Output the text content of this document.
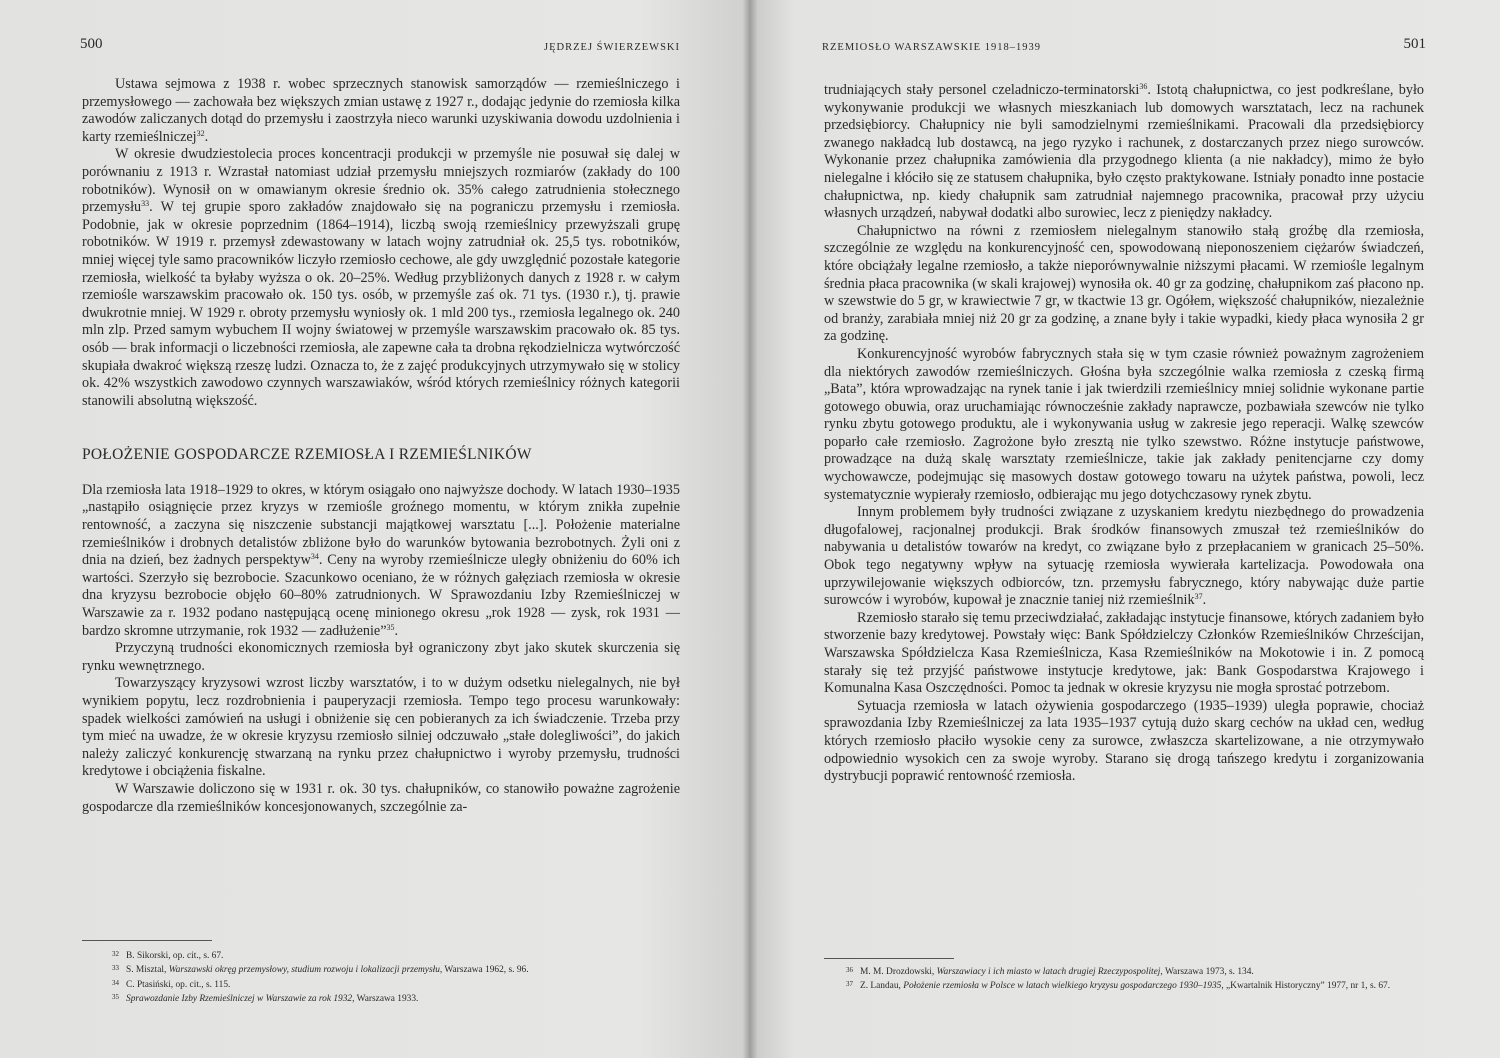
500	JĘDRZEJ ŚWIERZEWSKI

Ustawa sejmowa z 1938 r. wobec sprzecznych stanowisk samorządów — rzemieślniczego i przemysłowego — zachowała bez większych zmian ustawę z 1927 r., dodając jedynie do rzemiosła kilka zawodów zaliczanych dotąd do przemysłu i zaostrzyła nieco warunki uzyskiwania dowodu uzdolnienia i karty rzemieślniczej$^{32}$.

W okresie dwudziestolecia proces koncentracji produkcji w przemyśle nie posuwał się dalej w porównaniu z 1913 r. Wzrastał natomiast udział przemysłu mniejszych rozmiarów (zakłady do 100 robotników). Wynosił on w omawianym okresie średnio ok. 35% całego zatrudnienia stołecznego przemysłu$^{33}$. W tej grupie sporo zakładów znajdowało się na pograniczu przemysłu i rzemiosła. Podobnie, jak w okresie poprzednim (1864–1914), liczbą swoją rzemieślnicy przewyższali grupę robotników. W 1919 r. przemysł zdewastowany w latach wojny zatrudniał ok. 25,5 tys. robotników, mniej więcej tyle samo pracowników liczyło rzemiosło cechowe, ale gdy uwzględnić pozostałe kategorie rzemiosła, wielkość ta byłaby wyższa o ok. 20–25%. Według przybliżonych danych z 1928 r. w całym rzemiośle warszawskim pracowało ok. 150 tys. osób, w przemyśle zaś ok. 71 tys. (1930 r.), tj. prawie dwukrotnie mniej. W 1929 r. obroty przemysłu wyniosły ok. 1 mld 200 tys., rzemiosła legalnego ok. 240 mln zlp. Przed samym wybuchem II wojny światowej w przemyśle warszawskim pracowało ok. 85 tys. osób — brak informacji o liczebności rzemiosła, ale zapewne cała ta drobna rękodzielnicza wytwórczość skupiała dwakroć większą rzeszę ludzi. Oznacza to, że z zajęć produkcyjnych utrzymywało się w stolicy ok. 42% wszystkich zawodowo czynnych warszawiaków, wśród których rzemieślnicy różnych kategorii stanowili absolutną większość.

POŁOŻENIE GOSPODARCZE RZEMIOSŁA I RZEMIEŚLNIKÓW

Dla rzemiosła lata 1918–1929 to okres, w którym osiągało ono najwyższe dochody. W latach 1930–1935 „nastąpiło osiągnięcie przez kryzys w rzemiośle groźnego momentu, w którym znikła zupełnie rentowność, a zaczyna się niszczenie substancji majątkowej warsztatu [...]. Położenie materialne rzemieślników i drobnych detalistów zbliżone było do warunków bytowania bezrobotnych. Żyli oni z dnia na dzień, bez żadnych perspektyw$^{34}$. Ceny na wyroby rzemieślnicze uległy obniżeniu do 60% ich wartości. Szerzyło się bezrobocie. Szacunkowo oceniano, że w różnych gałęziach rzemiosła w okresie dna kryzysu bezrobocie objęło 60–80% zatrudnionych. W Sprawozdaniu Izby Rzemieślniczej w Warszawie za r. 1932 podano następującą ocenę minionego okresu „rok 1928 — zysk, rok 1931 — bardzo skromne utrzymanie, rok 1932 — zadłużenie”$^{35}$.

Przyczyną trudności ekonomicznych rzemiosła był ograniczony zbyt jako skutek skurczenia się rynku wewnętrznego.

Towarzyszący kryzysowi wzrost liczby warsztatów, i to w dużym odsetku nielegalnych, nie był wynikiem popytu, lecz rozdrobnienia i pauperyzacji rzemiosła. Tempo tego procesu warunkowały: spadek wielkości zamówień na usługi i obniżenie się cen pobieranych za ich świadczenie. Trzeba przy tym mieć na uwadze, że w okresie kryzysu rzemiosło silniej odczuwało „stałe dolegliwości”, do jakich należy zaliczyć konkurencję stwarzaną na rynku przez chałupnictwo i wyroby przemysłu, trudności kredytowe i obciążenia fiskalne.

W Warszawie doliczono się w 1931 r. ok. 30 tys. chałupników, co stanowiło poważne zagrożenie gospodarcze dla rzemieślników koncesjonowanych, szczególnie za-

32 B. Sikorski, op. cit., s. 67.

33 S. Misztal, Warszawski okręg przemysłowy, studium rozwoju i lokalizacji przemysłu, Warszawa 1962, s. 96.

34 C. Ptasiński, op. cit., s. 115.

35 Sprawozdanie Izby Rzemieślniczej w Warszawie za rok 1932, Warszawa 1933.

RZEMIOSŁO WARSZAWSKIE 1918–1939	501

trudniających stały personel czeladniczo-terminatorski$^{36}$. Istotą chałupnictwa, co jest podkreślane, było wykonywanie produkcji we własnych mieszkaniach lub domowych warsztatach, lecz na rachunek przedsiębiorcy. Chałupnicy nie byli samodzielnymi rzemieślnikami. Pracowali dla przedsiębiorcy zwanego nakładcą lub dostawcą, na jego ryzyko i rachunek, z dostarczanych przez niego surowców. Wykonanie przez chałupnika zamówienia dla przygodnego klienta (a nie nakładcy), mimo że było nielegalne i kłóciło się ze statusem chałupnika, było często praktykowane. Istniały ponadto inne postacie chałupnictwa, np. kiedy chałupnik sam zatrudniał najemnego pracownika, pracował przy użyciu własnych urządzeń, nabywał dodatki albo surowiec, lecz z pieniędzy nakładcy.

Chałupnictwo na równi z rzemiosłem nielegalnym stanowiło stałą groźbę dla rzemiosła, szczególnie ze względu na konkurencyjność cen, spowodowaną nieponoszeniem ciężarów świadczeń, które obciążały legalne rzemiosło, a także nieporównywalnie niższymi płacami. W rzemiośle legalnym średnia płaca pracownika (w skali krajowej) wynosiła ok. 40 gr za godzinę, chałupnikom zaś płacono np. w szewstwie do 5 gr, w krawiectwie 7 gr, w tkactwie 13 gr. Ogółem, większość chałupników, niezależnie od branży, zarabiała mniej niż 20 gr za godzinę, a znane były i takie wypadki, kiedy płaca wynosiła 2 gr za godzinę.

Konkurencyjność wyrobów fabrycznych stała się w tym czasie również poważnym zagrożeniem dla niektórych zawodów rzemieślniczych. Głośna była szczególnie walka rzemiosła z czeską firmą „Bata”, która wprowadzając na rynek tanie i jak twierdzili rzemieślnicy mniej solidnie wykonane partie gotowego obuwia, oraz uruchamiając równocześnie zakłady naprawcze, pozbawiała szewców nie tylko rynku zbytu gotowego produktu, ale i wykonywania usług w zakresie jego reperacji. Walkę szewców poparło całe rzemiosło. Zagrożone było zresztą nie tylko szewstwo. Różne instytucje państwowe, prowadzące na dużą skalę warsztaty rzemieślnicze, takie jak zakłady penitencjarne czy domy wychowawcze, podejmując się masowych dostaw gotowego towaru na użytek państwa, powoli, lecz systematycznie wypierały rzemiosło, odbierając mu jego dotychczasowy rynek zbytu.

Innym problemem były trudności związane z uzyskaniem kredytu niezbędnego do prowadzenia długofalowej, racjonalnej produkcji. Brak środków finansowych zmuszał też rzemieślników do nabywania u detalistów towarów na kredyt, co związane było z przepłacaniem w granicach 25–50%. Obok tego negatywny wpływ na sytuację rzemiosła wywierała kartelizacja. Powodowała ona uprzywilejowanie większych odbiorców, tzn. przemysłu fabrycznego, który nabywając duże partie surowców i wyrobów, kupował je znacznie taniej niż rzemieślnik$^{37}$.

Rzemiosło starało się temu przeciwdziałać, zakładając instytucje finansowe, których zadaniem było stworzenie bazy kredytowej. Powstały więc: Bank Spółdzielczy Członków Rzemieślników Chrześcijan, Warszawska Spółdzielcza Kasa Rzemieślnicza, Kasa Rzemieślników na Mokotowie i in. Z pomocą starały się też przyjść państwowe instytucje kredytowe, jak: Bank Gospodarstwa Krajowego i Komunalna Kasa Oszczędności. Pomoc ta jednak w okresie kryzysu nie mogła sprostać potrzebom.

Sytuacja rzemiosła w latach ożywienia gospodarczego (1935–1939) uległa poprawie, chociaż sprawozdania Izby Rzemieślniczej za lata 1935–1937 cytują dużo skarg cechów na układ cen, według których rzemiosło płaciło wysokie ceny za surowce, zwłaszcza skartelizowane, a nie otrzymywało odpowiednio wysokich cen za swoje wyroby. Starano się drogą tańszego kredytu i zorganizowania dystrybucji poprawić rentowność rzemiosła.

36 M. M. Drozdowski, Warszawiacy i ich miasto w latach drugiej Rzeczypospolitej, Warszawa 1973, s. 134.

37 Z. Landau, Położenie rzemiosła w Polsce w latach wielkiego kryzysu gospodarczego 1930–1935, „Kwartalnik Historyczny” 1977, nr 1, s. 67.
